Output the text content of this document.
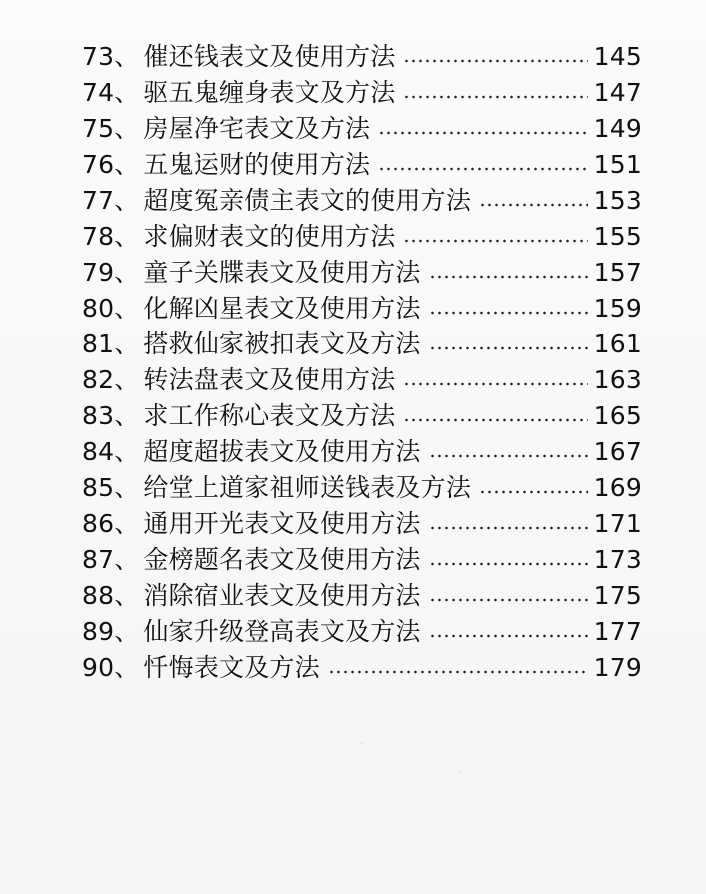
73 、 催还钱表文及使用方法	145
74 、 驱五鬼缠身表文及方法	147
75 、 房屋净宅表文及方法	149
76 、 五鬼运财的使用方法	151
77 、 超度冤亲债主表文的使用方法	153
78 、 求偏财表文的使用方法	155
79 、 童子关牒表文及使用方法	157
80 、 化解凶星表文及使用方法	159
81 、 搭救仙家被扣表文及方法	161
82 、 转法盘表文及使用方法	163
83 、 求工作称心表文及方法	165
84 、 超度超拔表文及使用方法	167
85 、 给堂上道家祖师送钱表及方法	169
86 、 通用开光表文及使用方法	171
87 、 金榜题名表文及使用方法	173
88 、 消除宿业表文及使用方法	175
89 、 仙家升级登高表文及方法	177
90 、 忏悔表文及方法	179
